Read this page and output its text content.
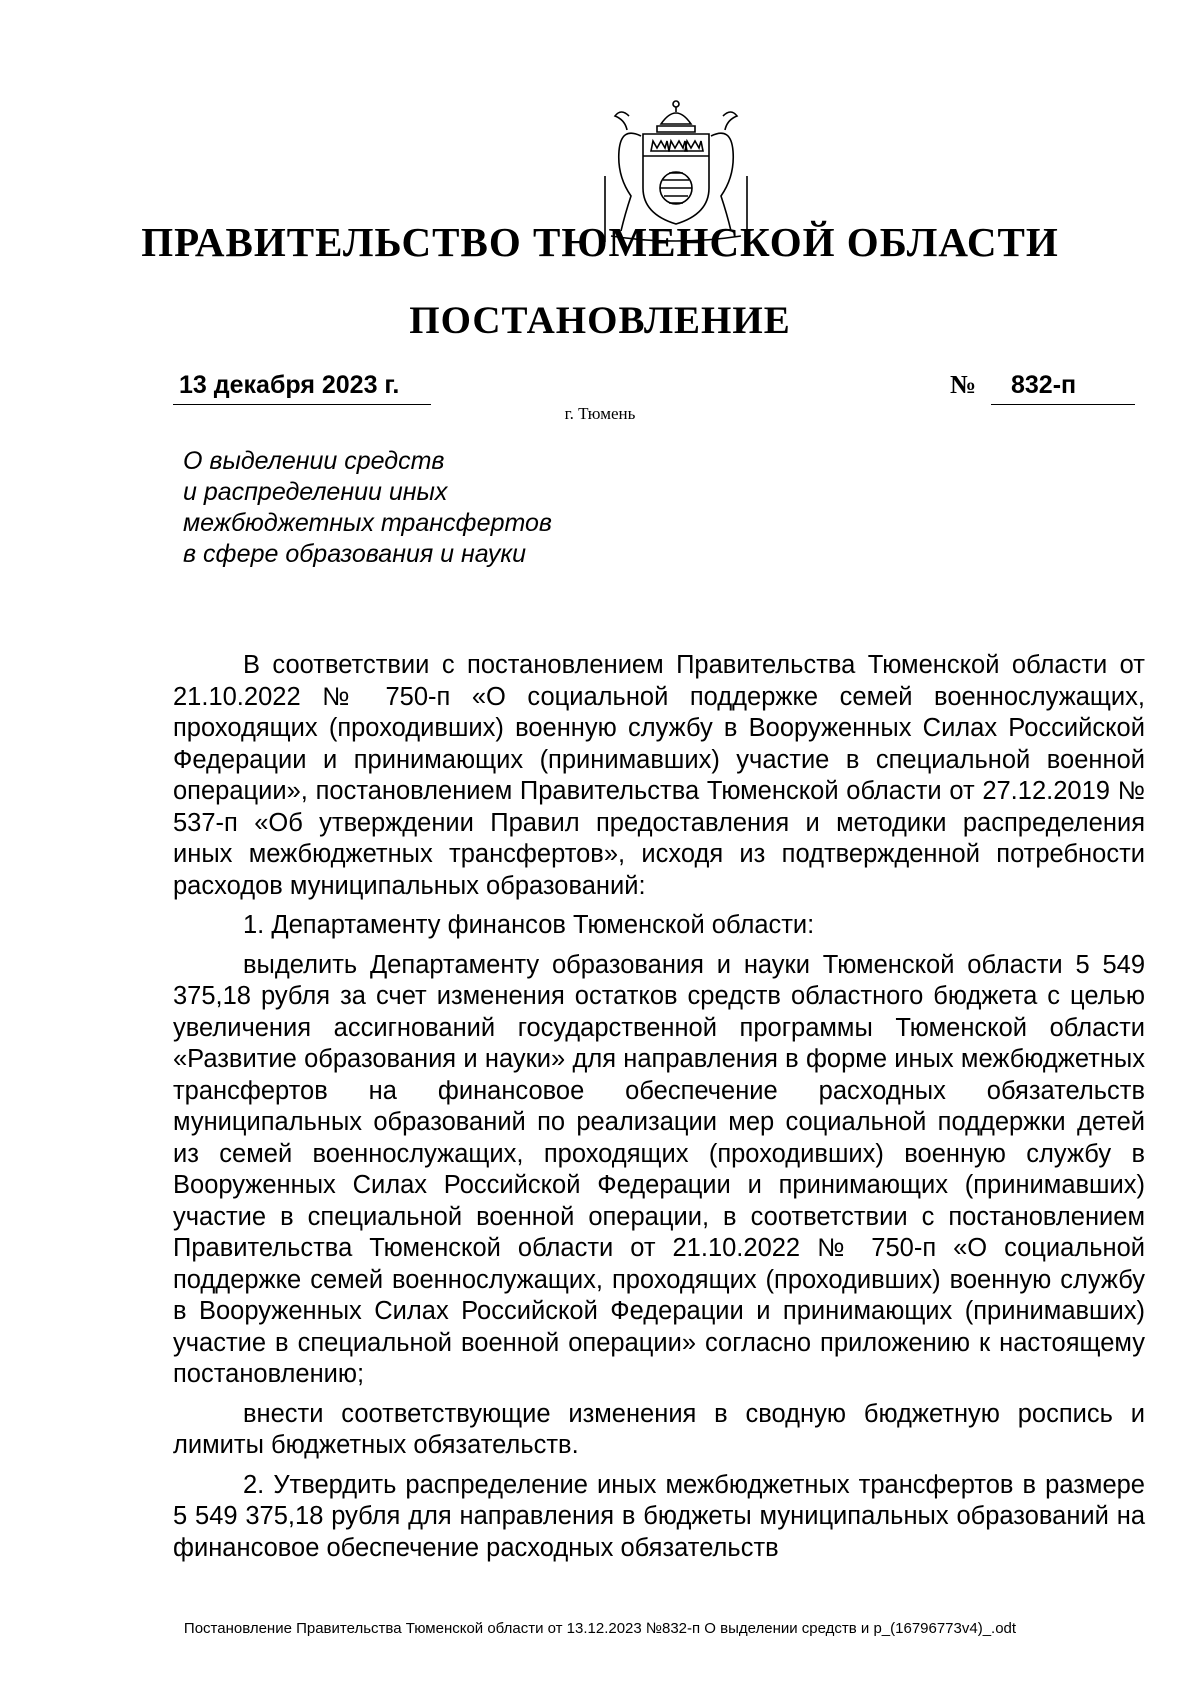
ПРАВИТЕЛЬСТВО ТЮМЕНСКОЙ ОБЛАСТИ
ПОСТАНОВЛЕНИЕ
13 декабря 2023 г.	№ 832-п
г. Тюмень
О выделении средств
и распределении иных
межбюджетных трансфертов
в сфере образования и науки

В соответствии с постановлением Правительства Тюменской области от 21.10.2022 № 750-п «О социальной поддержке семей военнослужащих, проходящих (проходивших) военную службу в Вооруженных Силах Российской Федерации и принимающих (принимавших) участие в специальной военной операции», постановлением Правительства Тюменской области от 27.12.2019 № 537-п «Об утверждении Правил предоставления и методики распределения иных межбюджетных трансфертов», исходя из подтвержденной потребности расходов муниципальных образований:

1. Департаменту финансов Тюменской области:

выделить Департаменту образования и науки Тюменской области 5 549 375,18 рубля за счет изменения остатков средств областного бюджета с целью увеличения ассигнований государственной программы Тюменской области «Развитие образования и науки» для направления в форме иных межбюджетных трансфертов на финансовое обеспечение расходных обязательств муниципальных образований по реализации мер социальной поддержки детей из семей военнослужащих, проходящих (проходивших) военную службу в Вооруженных Силах Российской Федерации и принимающих (принимавших) участие в специальной военной операции, в соответствии с постановлением Правительства Тюменской области от 21.10.2022 № 750-п «О социальной поддержке семей военнослужащих, проходящих (проходивших) военную службу в Вооруженных Силах Российской Федерации и принимающих (принимавших) участие в специальной военной операции» согласно приложению к настоящему постановлению;

внести соответствующие изменения в сводную бюджетную роспись и лимиты бюджетных обязательств.

2. Утвердить распределение иных межбюджетных трансфертов в размере 5 549 375,18 рубля для направления в бюджеты муниципальных образований на финансовое обеспечение расходных обязательств

Постановление Правительства Тюменской области от 13.12.2023 №832-п О выделении средств и р_(16796773v4)_.odt
